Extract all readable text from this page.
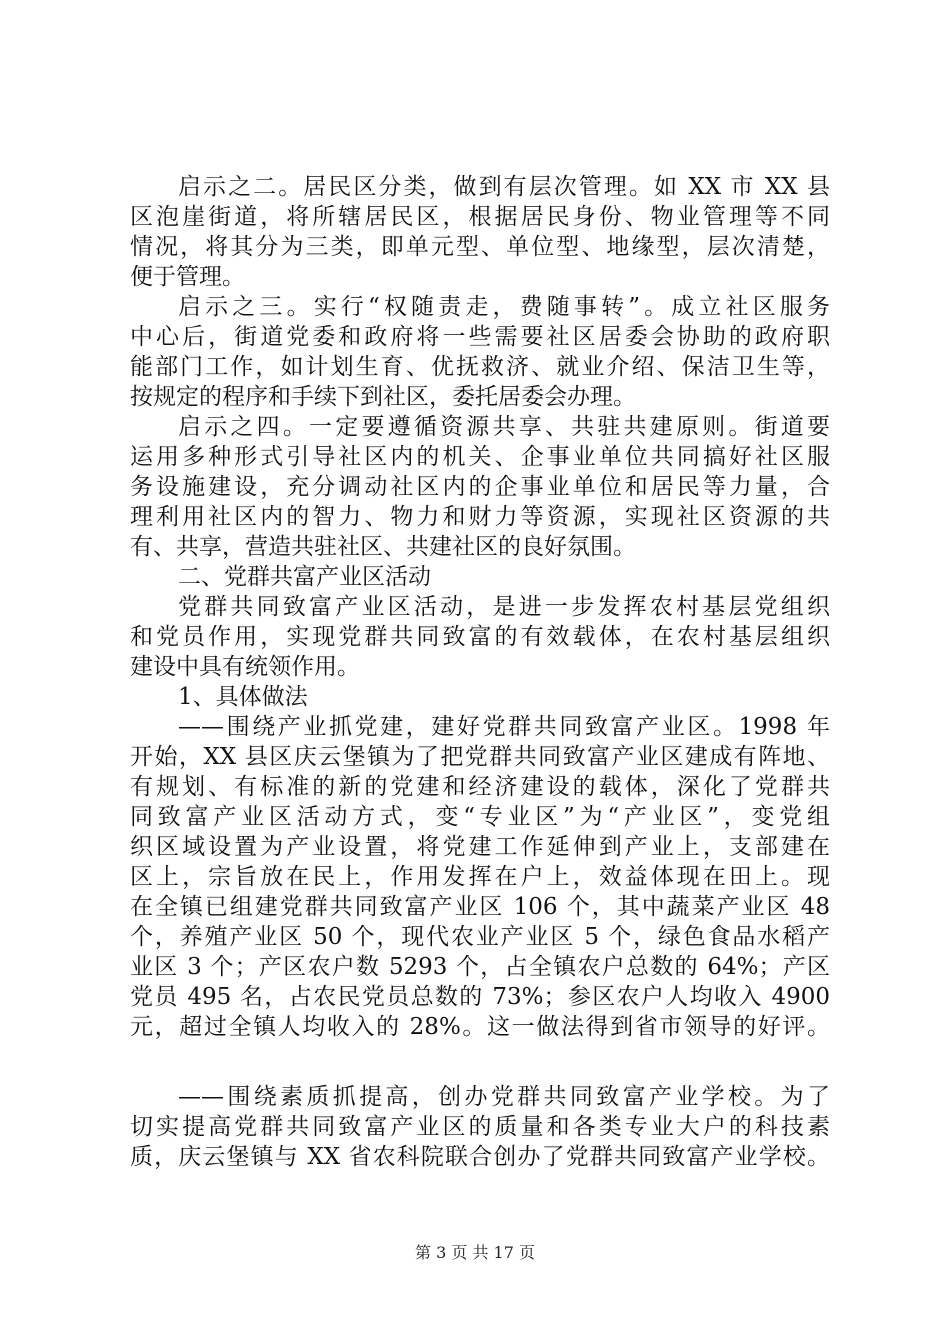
启示之二。居民区分类，做到有层次管理。如 XX 市 XX 县
区泡崖街道，将所辖居民区，根据居民身份、物业管理等不同
情况，将其分为三类，即单元型、单位型、地缘型，层次清楚，
便于管理。
启示之三。实行“权随责走，费随事转”。成立社区服务
中心后，街道党委和政府将一些需要社区居委会协助的政府职
能部门工作，如计划生育、优抚救济、就业介绍、保洁卫生等，
按规定的程序和手续下到社区，委托居委会办理。
启示之四。一定要遵循资源共享、共驻共建原则。街道要
运用多种形式引导社区内的机关、企事业单位共同搞好社区服
务设施建设，充分调动社区内的企事业单位和居民等力量，合
理利用社区内的智力、物力和财力等资源，实现社区资源的共
有、共享，营造共驻社区、共建社区的良好氛围。
二、党群共富产业区活动
党群共同致富产业区活动，是进一步发挥农村基层党组织
和党员作用，实现党群共同致富的有效载体，在农村基层组织
建设中具有统领作用。
1、具体做法
——围绕产业抓党建，建好党群共同致富产业区。1998 年
开始，XX 县区庆云堡镇为了把党群共同致富产业区建成有阵地、
有规划、有标准的新的党建和经济建设的载体，深化了党群共
同致富产业区活动方式，变“专业区”为“产业区”，变党组
织区域设置为产业设置，将党建工作延伸到产业上，支部建在
区上，宗旨放在民上，作用发挥在户上，效益体现在田上。现
在全镇已组建党群共同致富产业区 106 个，其中蔬菜产业区 48
个，养殖产业区 50 个，现代农业产业区 5 个，绿色食品水稻产
业区 3 个；产区农户数 5293 个，占全镇农户总数的 64%；产区
党员 495 名，占农民党员总数的 73%；参区农户人均收入 4900
元，超过全镇人均收入的 28%。这一做法得到省市领导的好评。
——围绕素质抓提高，创办党群共同致富产业学校。为了
切实提高党群共同致富产业区的质量和各类专业大户的科技素
质，庆云堡镇与 XX 省农科院联合创办了党群共同致富产业学校。
第 3 页 共 17 页
